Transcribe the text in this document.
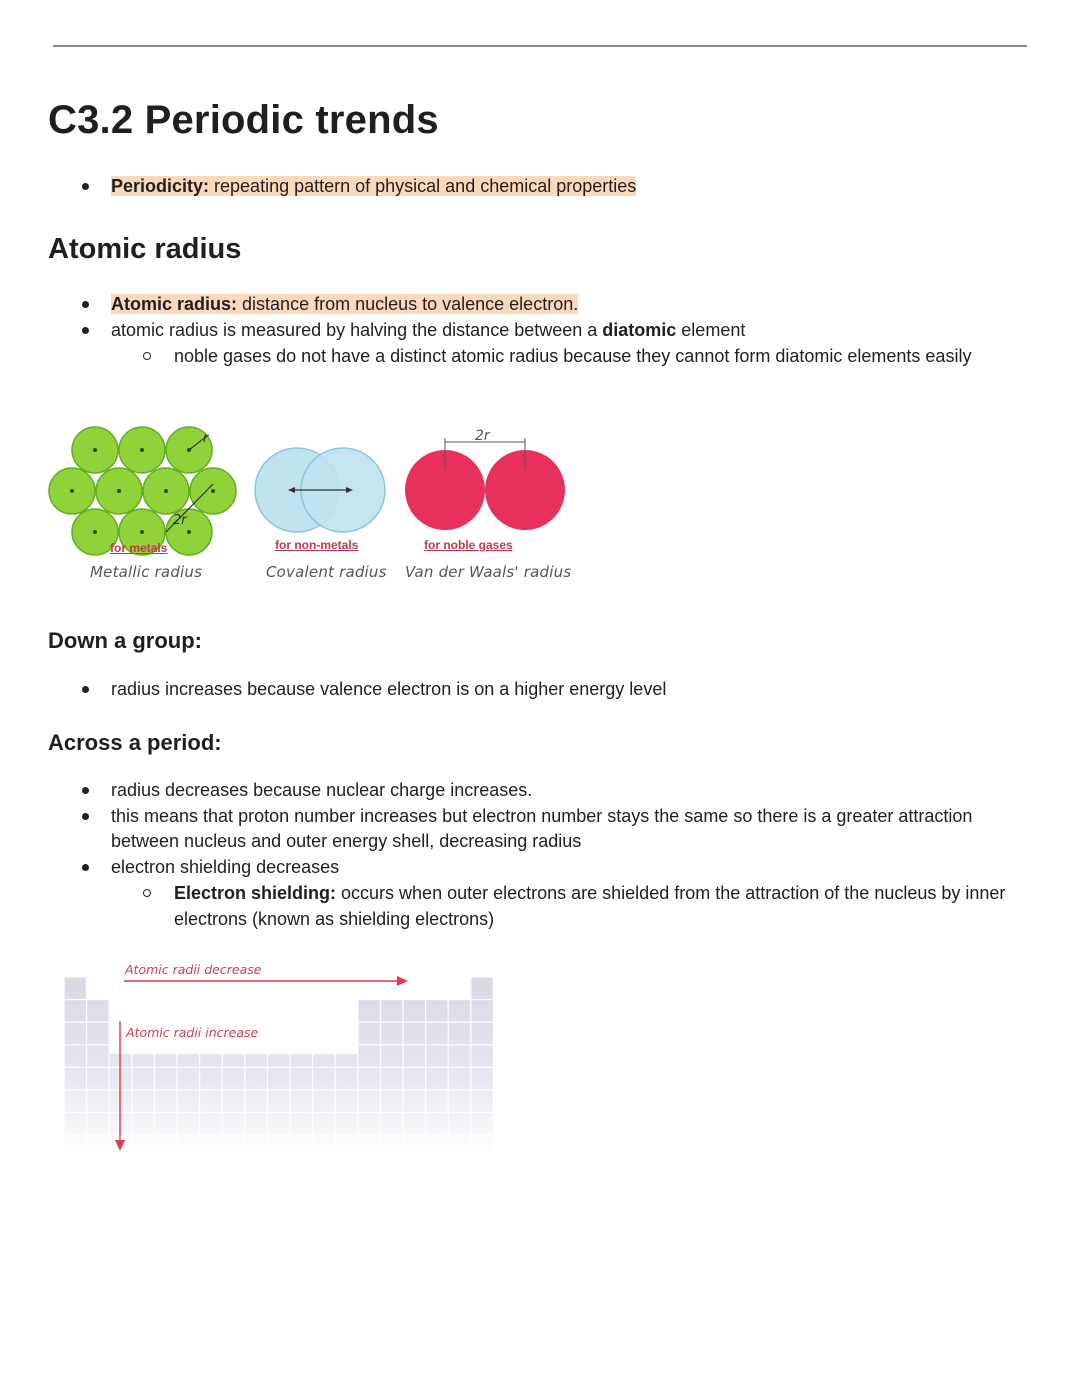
C3.2 Periodic trends
Periodicity: repeating pattern of physical and chemical properties
Atomic radius
Atomic radius: distance from nucleus to valence electron.
atomic radius is measured by halving the distance between a diatomic element
noble gases do not have a distinct atomic radius because they cannot form diatomic elements easily
r
2r
2r
for metals	for non-metals	for noble gases
Metallic radius	Covalent radius Van der Waals' radius
Down a group:
radius increases because valence electron is on a higher energy level
Across a period:
radius decreases because nuclear charge increases.
this means that proton number increases but electron number stays the same so there is a greater attraction between nucleus and outer energy shell, decreasing radius
electron shielding decreases
Electron shielding: occurs when outer electrons are shielded from the attraction of the nucleus by inner electrons (known as shielding electrons)
Atomic radii decrease
Atomic radii increase
